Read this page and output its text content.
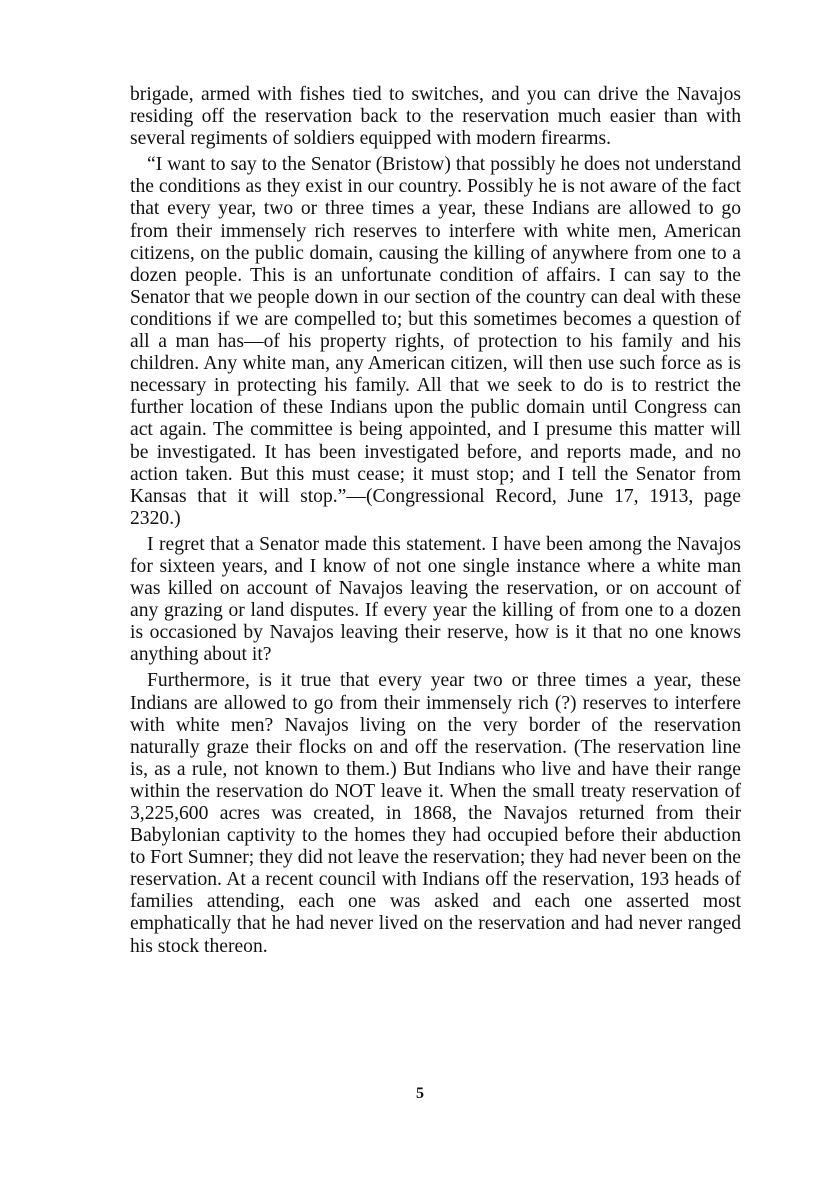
brigade, armed with fishes tied to switches, and you can drive the Navajos residing off the reservation back to the reservation much easier than with several regiments of soldiers equipped with modern firearms.

“I want to say to the Senator (Bristow) that possibly he does not understand the conditions as they exist in our country. Possibly he is not aware of the fact that every year, two or three times a year, these Indians are allowed to go from their immensely rich reserves to interfere with white men, American citizens, on the public domain, causing the killing of anywhere from one to a dozen people. This is an unfortunate condition of affairs. I can say to the Senator that we people down in our section of the country can deal with these conditions if we are compelled to; but this sometimes becomes a question of all a man has—of his property rights, of protection to his family and his children. Any white man, any American citizen, will then use such force as is necessary in protecting his family. All that we seek to do is to restrict the further location of these Indians upon the public domain until Congress can act again. The committee is being appointed, and I presume this matter will be investigated. It has been investigated before, and reports made, and no action taken. But this must cease; it must stop; and I tell the Senator from Kansas that it will stop.”—(Congressional Record, June 17, 1913, page 2320.)

I regret that a Senator made this statement. I have been among the Navajos for sixteen years, and I know of not one single instance where a white man was killed on account of Navajos leaving the reservation, or on account of any grazing or land disputes. If every year the killing of from one to a dozen is occasioned by Navajos leaving their reserve, how is it that no one knows anything about it?

Furthermore, is it true that every year two or three times a year, these Indians are allowed to go from their immensely rich (?) reserves to interfere with white men? Navajos living on the very border of the reservation naturally graze their flocks on and off the reservation. (The reservation line is, as a rule, not known to them.) But Indians who live and have their range within the reservation do NOT leave it. When the small treaty reservation of 3,225,600 acres was created, in 1868, the Navajos returned from their Babylonian captivity to the homes they had occupied before their abduction to Fort Sumner; they did not leave the reservation; they had never been on the reservation. At a recent council with Indians off the reservation, 193 heads of families attending, each one was asked and each one asserted most emphatically that he had never lived on the reservation and had never ranged his stock thereon.

5
